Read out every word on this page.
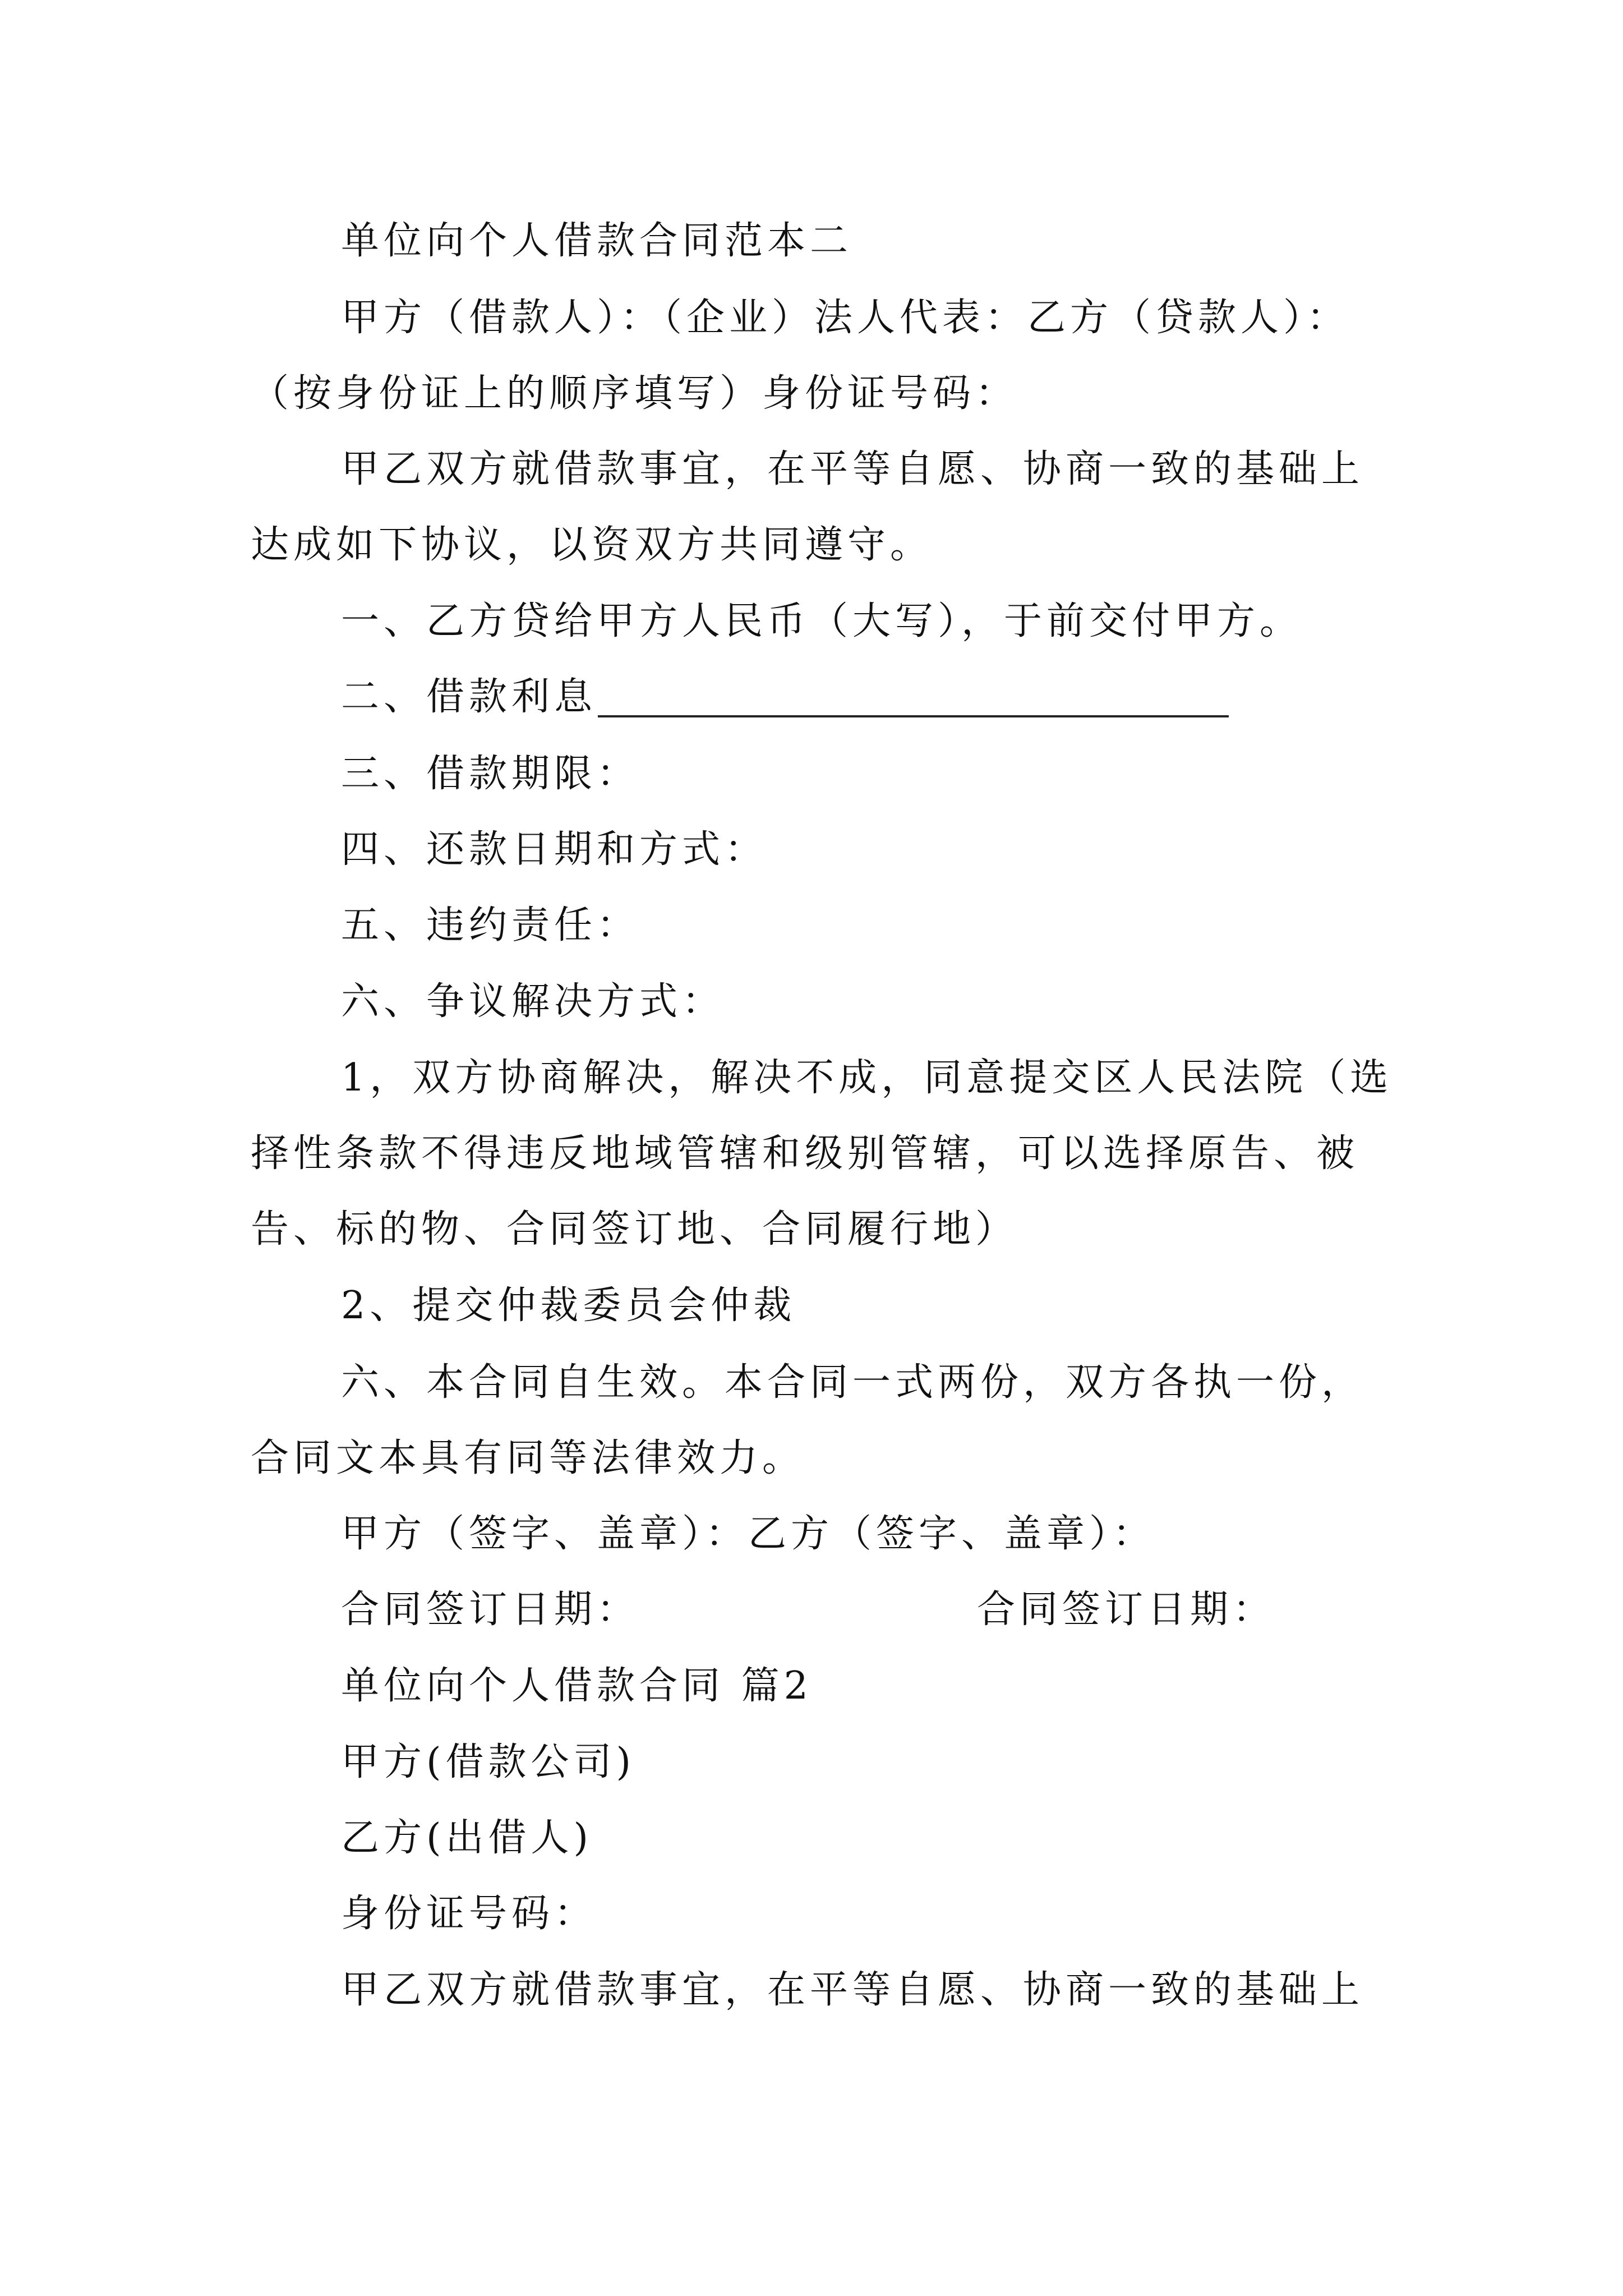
单位向个人借款合同范本二
甲方（借款人）：（企业）法人代表：乙方（贷款人）：
（按身份证上的顺序填写）身份证号码：
甲乙双方就借款事宜，在平等自愿、协商一致的基础上
达成如下协议，以资双方共同遵守。
一、乙方贷给甲方人民币（大写），于前交付甲方。
二、借款利息
三、借款期限：
四、还款日期和方式：
五、违约责任：
六、争议解决方式：
1，双方协商解决，解决不成，同意提交区人民法院（选
择性条款不得违反地域管辖和级别管辖，可以选择原告、被
告、标的物、合同签订地、合同履行地）
2、提交仲裁委员会仲裁
六、本合同自生效。本合同一式两份，双方各执一份，
合同文本具有同等法律效力。
甲方（签字、盖章）：乙方（签字、盖章）：
合同签订日期：	合同签订日期：
单位向个人借款合同 篇2
甲方(借款公司)
乙方(出借人)
身份证号码：
甲乙双方就借款事宜，在平等自愿、协商一致的基础上
